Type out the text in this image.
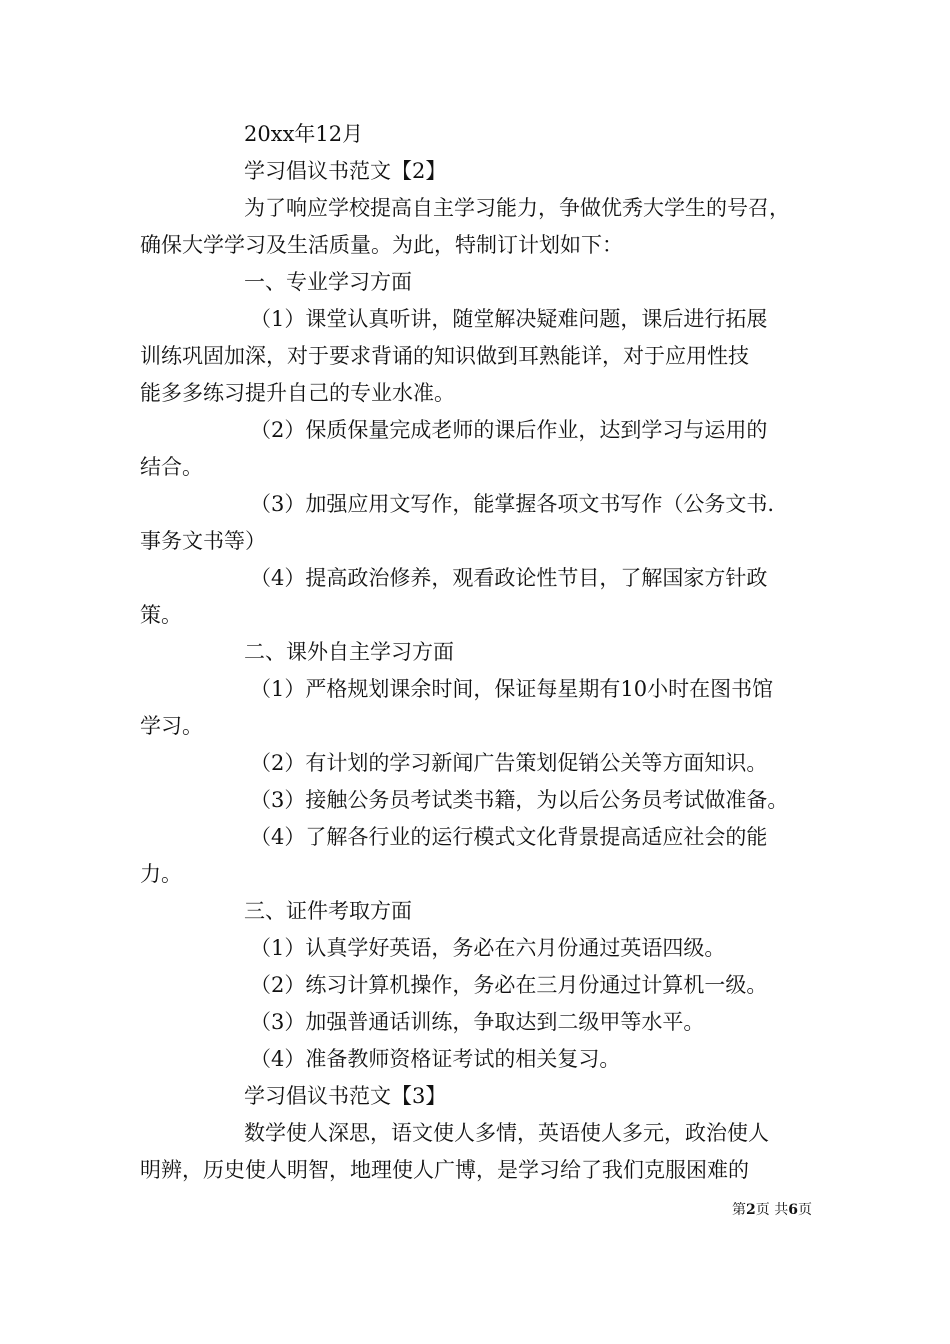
20xx年12月
学习倡议书范文【2】
为了响应学校提高自主学习能力，争做优秀大学生的号召，
确保大学学习及生活质量。为此，特制订计划如下：
一、专业学习方面
（1）课堂认真听讲，随堂解决疑难问题，课后进行拓展
训练巩固加深，对于要求背诵的知识做到耳熟能详，对于应用性技
能多多练习提升自己的专业水准。
（2）保质保量完成老师的课后作业，达到学习与运用的
结合。
（3）加强应用文写作，能掌握各项文书写作（公务文书.
事务文书等）
（4）提高政治修养，观看政论性节目，了解国家方针政
策。
二、课外自主学习方面
（1）严格规划课余时间，保证每星期有10小时在图书馆
学习。
（2）有计划的学习新闻广告策划促销公关等方面知识。
（3）接触公务员考试类书籍，为以后公务员考试做准备。
（4）了解各行业的运行模式文化背景提高适应社会的能
力。
三、证件考取方面
（1）认真学好英语，务必在六月份通过英语四级。
（2）练习计算机操作，务必在三月份通过计算机一级。
（3）加强普通话训练，争取达到二级甲等水平。
（4）准备教师资格证考试的相关复习。
学习倡议书范文【3】
数学使人深思，语文使人多情，英语使人多元，政治使人
明辨，历史使人明智，地理使人广博，是学习给了我们克服困难的
第2页 共6页
